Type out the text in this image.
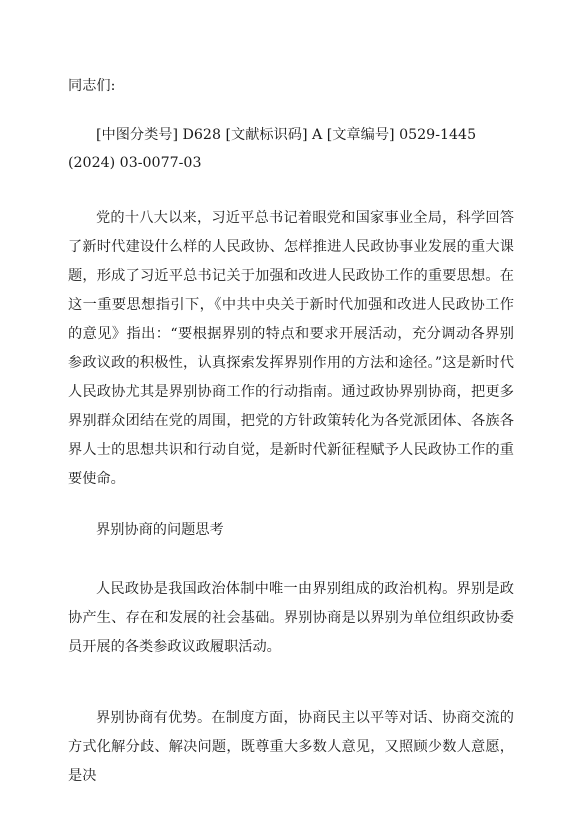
同志们:

[中图分类号] D628 [文献标识码] A [文章编号] 0529-1445 (2024) 03-0077-03

党的十八大以来，习近平总书记着眼党和国家事业全局，科学回答了新时代建设什么样的人民政协、怎样推进人民政协事业发展的重大课题，形成了习近平总书记关于加强和改进人民政协工作的重要思想。在这一重要思想指引下，《中共中央关于新时代加强和改进人民政协工作的意见》指出：“要根据界别的特点和要求开展活动，充分调动各界别参政议政的积极性，认真探索发挥界别作用的方法和途径。”这是新时代人民政协尤其是界别协商工作的行动指南。通过政协界别协商，把更多界别群众团结在党的周围，把党的方针政策转化为各党派团体、各族各界人士的思想共识和行动自觉，是新时代新征程赋予人民政协工作的重要使命。

界别协商的问题思考

人民政协是我国政治体制中唯一由界别组成的政治机构。界别是政协产生、存在和发展的社会基础。界别协商是以界别为单位组织政协委员开展的各类参政议政履职活动。

界别协商有优势。在制度方面，协商民主以平等对话、协商交流的方式化解分歧、解决问题，既尊重大多数人意见，又照顾少数人意愿，是决
